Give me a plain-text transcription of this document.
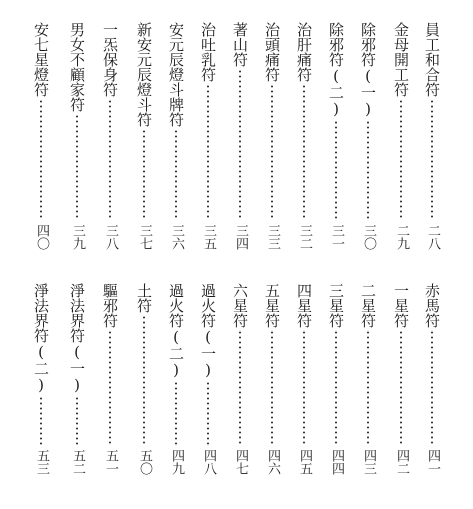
員工和合符
二八
金母開工符
二九
除邪符(一)
三〇
除邪符(二)
三一
治肝痛符
三二
治頭痛符
三三
著山符
三四
治吐乳符
三五
安元辰燈斗牌符
三六
新安元辰燈斗符
三七
一炁保身符
三八
男女不顧家符
三九
安七星燈符
四〇
赤馬符
四一
一星符
四二
二星符
四三
三星符
四四
四星符
四五
五星符
四六
六星符
四七
過火符(一)
四八
過火符(二)
四九
土符
五〇
驅邪符
五一
淨法界符(一)
五二
淨法界符(二)
五三
